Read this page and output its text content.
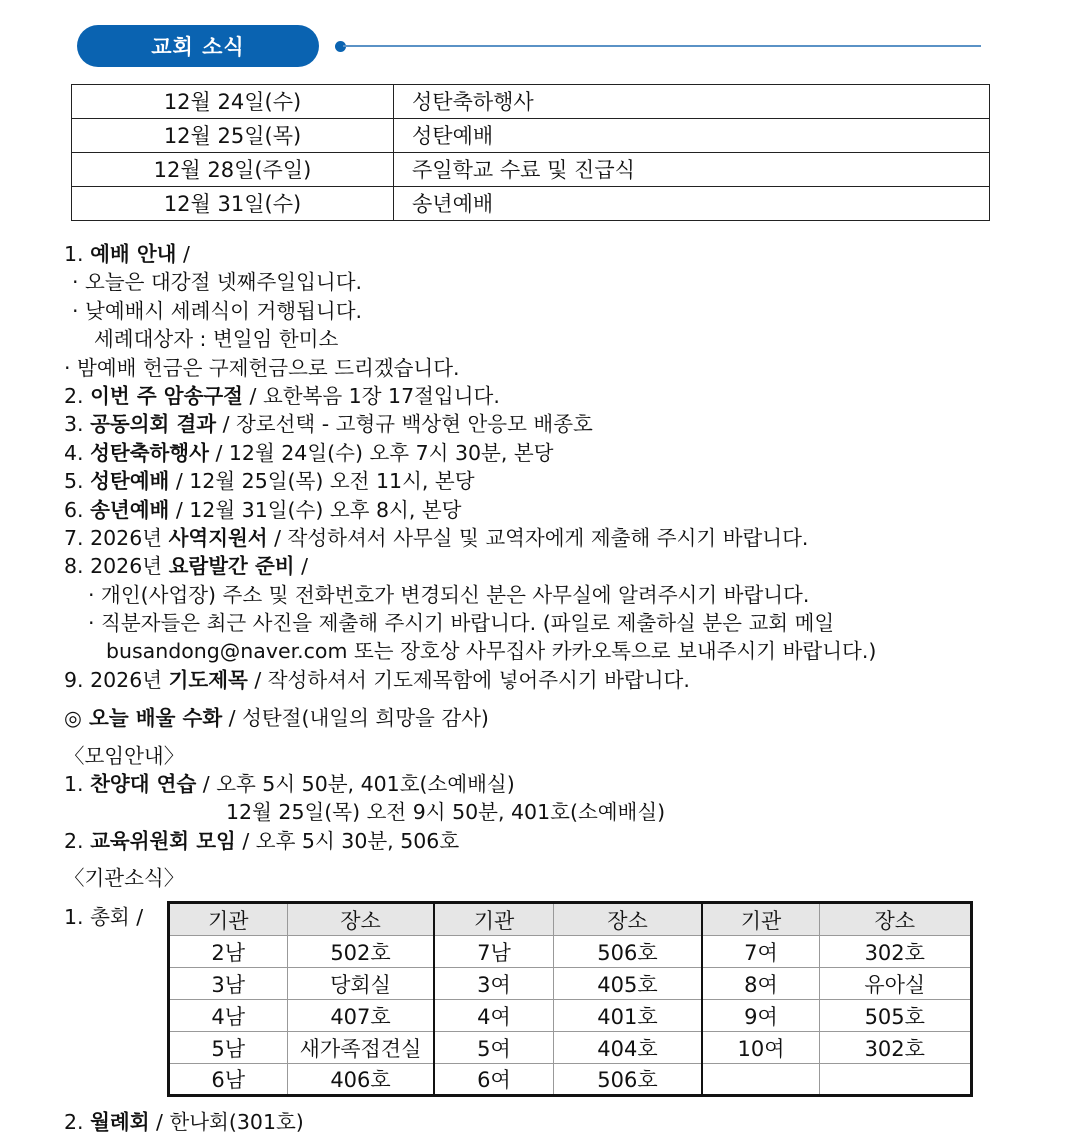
교회 소식
12월 24일(수)	성탄축하행사
12월 25일(목)	성탄예배
12월 28일(주일)	주일학교 수료 및 진급식
12월 31일(수)	송년예배
1. 예배 안내 /
· 오늘은 대강절 넷째주일입니다.
· 낮예배시 세례식이 거행됩니다.
세례대상자 : 변일임 한미소
· 밤예배 헌금은 구제헌금으로 드리겠습니다.
2. 이번 주 암송구절 / 요한복음 1장 17절입니다.
3. 공동의회 결과 / 장로선택 - 고형규 백상현 안응모 배종호
4. 성탄축하행사 / 12월 24일(수) 오후 7시 30분, 본당
5. 성탄예배 / 12월 25일(목) 오전 11시, 본당
6. 송년예배 / 12월 31일(수) 오후 8시, 본당
7. 2026년 사역지원서 / 작성하셔서 사무실 및 교역자에게 제출해 주시기 바랍니다.
8. 2026년 요람발간 준비 /
· 개인(사업장) 주소 및 전화번호가 변경되신 분은 사무실에 알려주시기 바랍니다.
· 직분자들은 최근 사진을 제출해 주시기 바랍니다. (파일로 제출하실 분은 교회 메일
busandong@naver.com 또는 장호상 사무집사 카카오톡으로 보내주시기 바랍니다.)
9. 2026년 기도제목 / 작성하셔서 기도제목함에 넣어주시기 바랍니다.
◎ 오늘 배울 수화 / 성탄절(내일의 희망을 감사)
〈모임안내〉
1. 찬양대 연습 / 오후 5시 50분, 401호(소예배실)
12월 25일(목) 오전 9시 50분, 401호(소예배실)
2. 교육위원회 모임 / 오후 5시 30분, 506호
〈기관소식〉
1. 총회 /	기관	장소	기관	장소	기관	장소
2남	502호	7남	506호	7여	302호
3남	당회실	3여	405호	8여	유아실
4남	407호	4여	401호	9여	505호
5남	새가족접견실	5여	404호	10여	302호
6남	406호	6여	506호		
2. 월례회 / 한나회(301호)
